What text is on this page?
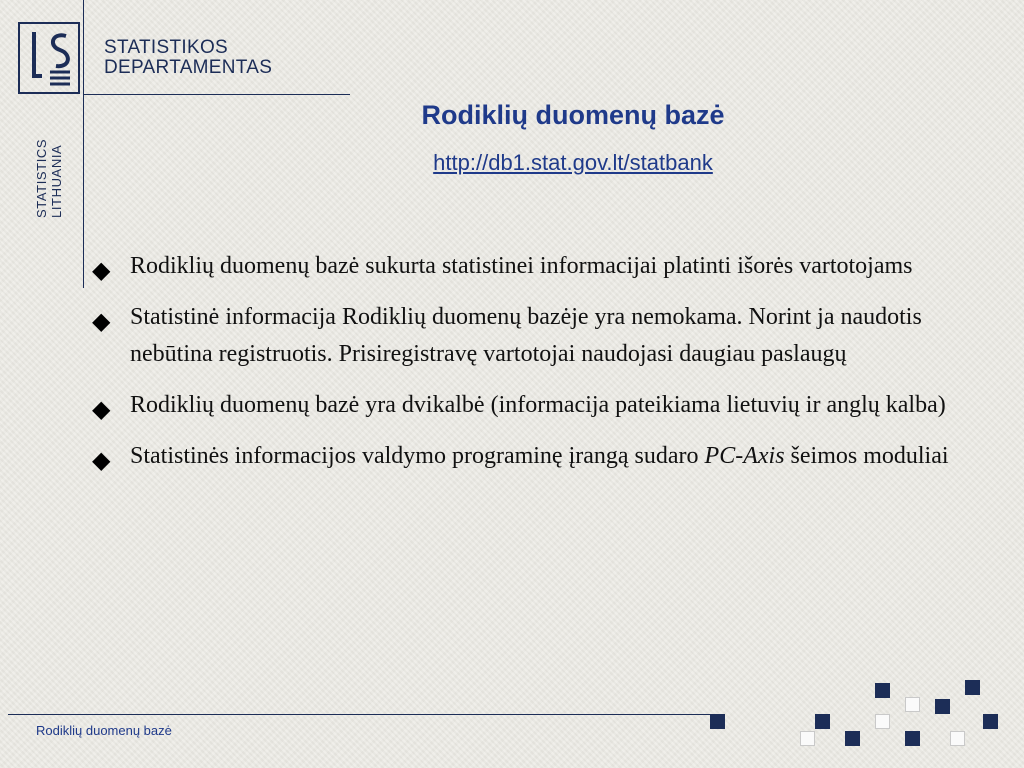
STATISTIKOS
DEPARTAMENTAS
STATISTICS LITHUANIA
Rodiklių duomenų bazė
http://db1.stat.gov.lt/statbank
◆ Rodiklių duomenų bazė sukurta statistinei informacijai platinti išorės vartotojams
◆ Statistinė informacija Rodiklių duomenų bazėje yra nemokama. Norint ja naudotis nebūtina registruotis. Prisiregistravę vartotojai naudojasi daugiau paslaugų
◆ Rodiklių duomenų bazė yra dvikalbė (informacija pateikiama lietuvių ir anglų kalba)
◆ Statistinės informacijos valdymo programinę įrangą sudaro PC-Axis šeimos moduliai
Rodiklių duomenų bazė
